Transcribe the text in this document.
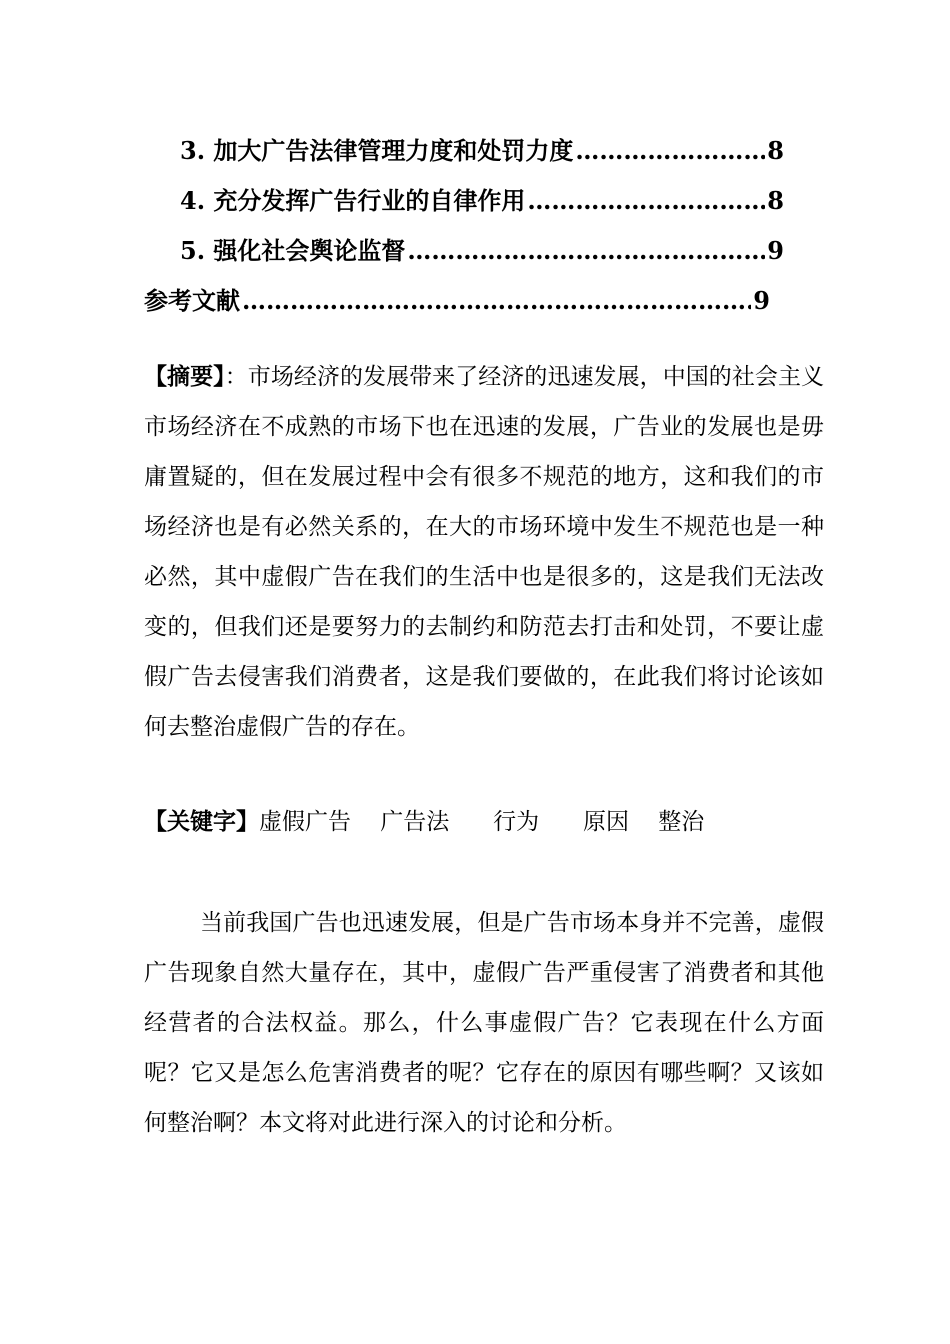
3. 加大广告法律管理力度和处罚力度 ……………………………………………………………………………………………………………………	8
4. 充分发挥广告行业的自律作用 ……………………………………………………………………………………………………………………	8
5. 强化社会舆论监督 ……………………………………………………………………………………………………………………	9
参考文献 ……………………………………………………………………………………………………………………	9
【摘要】：市场经济的发展带来了经济的迅速发展，中国的社会主义市场经济在不成熟的市场下也在迅速的发展，广告业的发展也是毋庸置疑的，但在发展过程中会有很多不规范的地方，这和我们的市场经济也是有必然关系的，在大的市场环境中发生不规范也是一种必然，其中虚假广告在我们的生活中也是很多的，这是我们无法改变的，但我们还是要努力的去制约和防范去打击和处罚，不要让虚假广告去侵害我们消费者，这是我们要做的，在此我们将讨论该如何去整治虚假广告的存在。
【关键字】虚假广告 广告法 行为 原因 整治
当前我国广告也迅速发展，但是广告市场本身并不完善，虚假广告现象自然大量存在，其中，虚假广告严重侵害了消费者和其他经营者的合法权益。那么，什么事虚假广告？它表现在什么方面呢？它又是怎么危害消费者的呢？它存在的原因有哪些啊？又该如何整治啊？本文将对此进行深入的讨论和分析。
